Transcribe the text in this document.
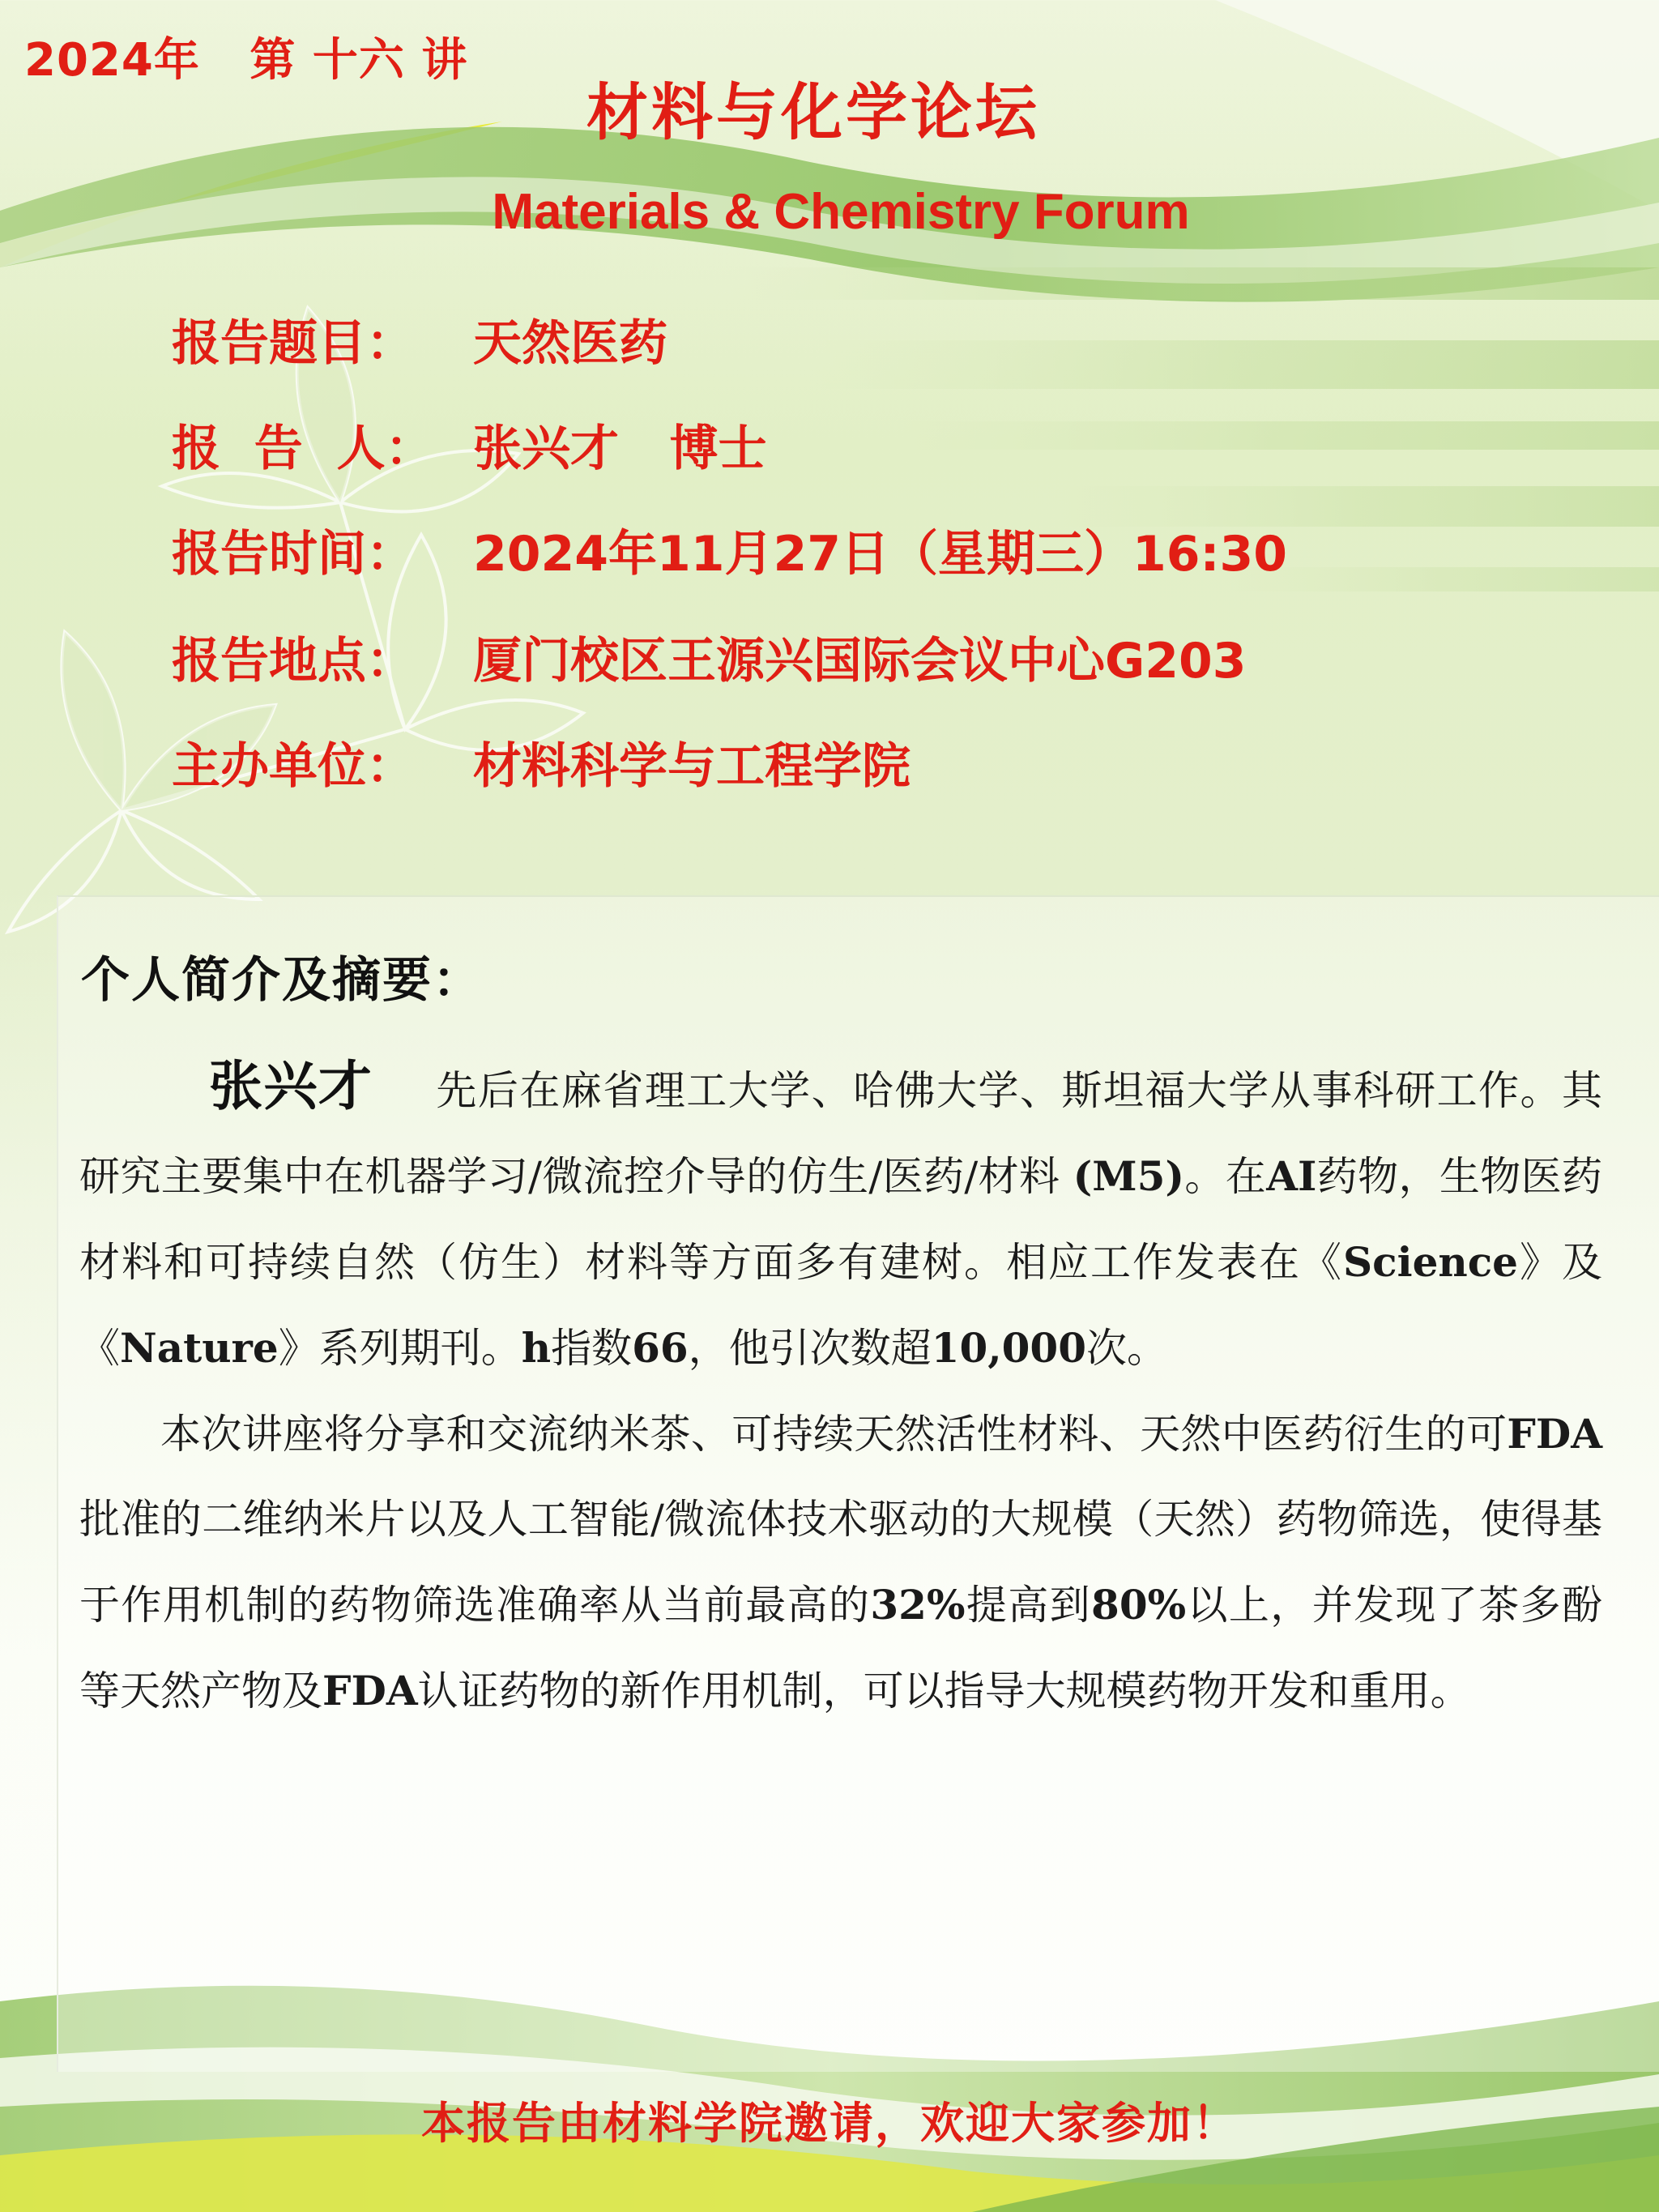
2024年   第 十六 讲
材料与化学论坛
Materials & Chemistry Forum
报告题目： 天然医药
报  告  人： 张兴才   博士
报告时间： 2024年11月27日（星期三）16:30
报告地点： 厦门校区王源兴国际会议中心G203
主办单位： 材料科学与工程学院
个人简介及摘要：

张兴才 先后在麻省理工大学、哈佛大学、斯坦福大学从事科研工作。其研究主要集中在机器学习/微流控介导的仿生/医药/材料 (M5)。在AI药物，生物医药材料和可持续自然（仿生）材料等方面多有建树。相应工作发表在《Science》及《Nature》系列期刊。h指数66，他引次数超10,000次。

本次讲座将分享和交流纳米茶、可持续天然活性材料、天然中医药衍生的可FDA 批准的二维纳米片以及人工智能/微流体技术驱动的大规模（天然）药物筛选，使得基于作用机制的药物筛选准确率从当前最高的32%提高到80%以上，并发现了茶多酚等天然产物及FDA认证药物的新作用机制，可以指导大规模药物开发和重用。

本报告由材料学院邀请，欢迎大家参加！
